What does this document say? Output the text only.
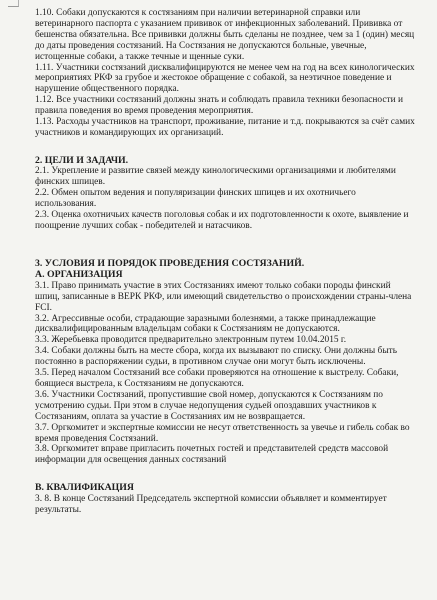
1.10. Собаки допускаются к состязаниям при наличии ветеринарной справки или ветеринарного паспорта с указанием прививок от инфекционных заболеваний. Прививка от бешенства обязательна. Все прививки должны быть сделаны не позднее, чем за 1 (один) месяц до даты проведения состязаний. На Состязания не допускаются больные, увечные, истощенные собаки, а также течные и щенные суки.

1.11. Участники состязаний дисквалифицируются не менее чем на год на всех кинологических мероприятиях РКФ за грубое и жестокое обращение с собакой, за неэтичное поведение и нарушение общественного порядка.

1.12. Все участники состязаний должны знать и соблюдать правила техники безопасности и правила поведения во время проведения мероприятия.

1.13. Расходы участников на транспорт, проживание, питание и т.д. покрываются за счёт самих участников и командирующих их организаций.

2. ЦЕЛИ И ЗАДАЧИ.

2.1. Укрепление и развитие связей между кинологическими организациями и любителями финских шпицев.

2.2. Обмен опытом ведения и популяризации финских шпицев и их охотничьего использования.

2.3. Оценка охотничьих качеств поголовья собак и их подготовленности к охоте, выявление и поощрение лучших собак - победителей и натасчиков.

3. УСЛОВИЯ И ПОРЯДОК ПРОВЕДЕНИЯ СОСТЯЗАНИЙ.
А. ОРГАНИЗАЦИЯ

3.1. Право принимать участие в этих Состязаниях имеют только собаки породы финский шпиц, записанные в ВЕРК РКФ, или имеющий свидетельство о происхождении страны-члена FCI.

3.2. Агрессивные особи, страдающие заразными болезнями, а также принадлежащие дисквалифицированным владельцам собаки к Состязаниям не допускаются.

3.3. Жеребьевка проводится предварительно электронным путем 10.04.2015 г.

3.4. Собаки должны быть на месте сбора, когда их вызывают по списку. Они должны быть постоянно в распоряжении судьи, в противном случае они могут быть исключены.

3.5. Перед началом Состязаний все собаки проверяются на отношение к выстрелу. Собаки, боящиеся выстрела, к Состязаниям не допускаются.

3.6. Участники Состязаний, пропустившие свой номер, допускаются к Состязаниям по усмотрению судьи. При этом в случае недопущения судьей опоздавших участников к Состязаниям, оплата за участие в Состязаниях им не возвращается.

3.7. Оргкомитет и экспертные комиссии не несут ответственность за увечье и гибель собак во время проведения Состязаний.

3.8. Оргкомитет вправе пригласить почетных гостей и представителей средств массовой информации для освещения данных состязаний

В. КВАЛИФИКАЦИЯ

3. 8. В конце Состязаний Председатель экспертной комиссии объявляет и комментирует результаты.
